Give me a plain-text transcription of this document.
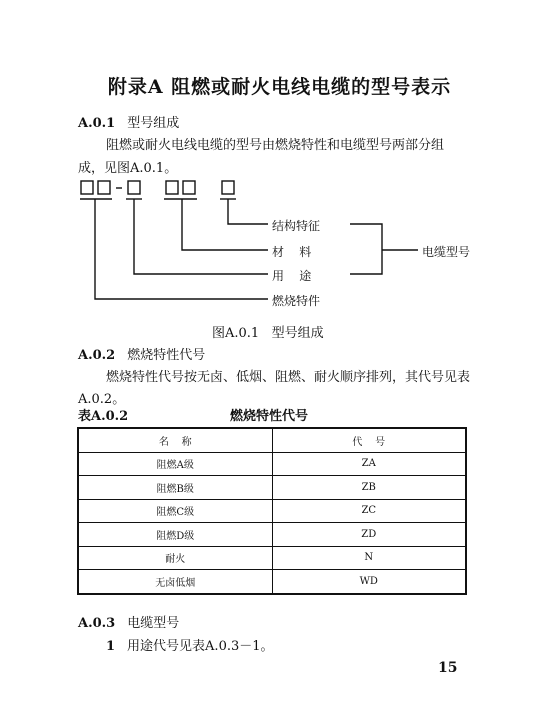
附录A 阻燃或耐火电线电缆的型号表示
A.0.1 型号组成
阻燃或耐火电线电缆的型号由燃烧特性和电缆型号两部分组
成，见图A.0.1。
结构特征
材    料
用    途
电缆型号
燃烧特件
图A.0.1   型号组成
A.0.2 燃烧特性代号
燃烧特性代号按无卤、低烟、阻燃、耐火顺序排列，其代号见表
A.0.2。
表A.0.2	燃烧特性代号
名    称	代    号
阻燃A级	ZA
阻燃B级	ZB
阻燃C级	ZC
阻燃D级	ZD
耐火	N
无卤低烟	WD
A.0.3 电缆型号
1 用途代号见表A.0.3－1。
15
